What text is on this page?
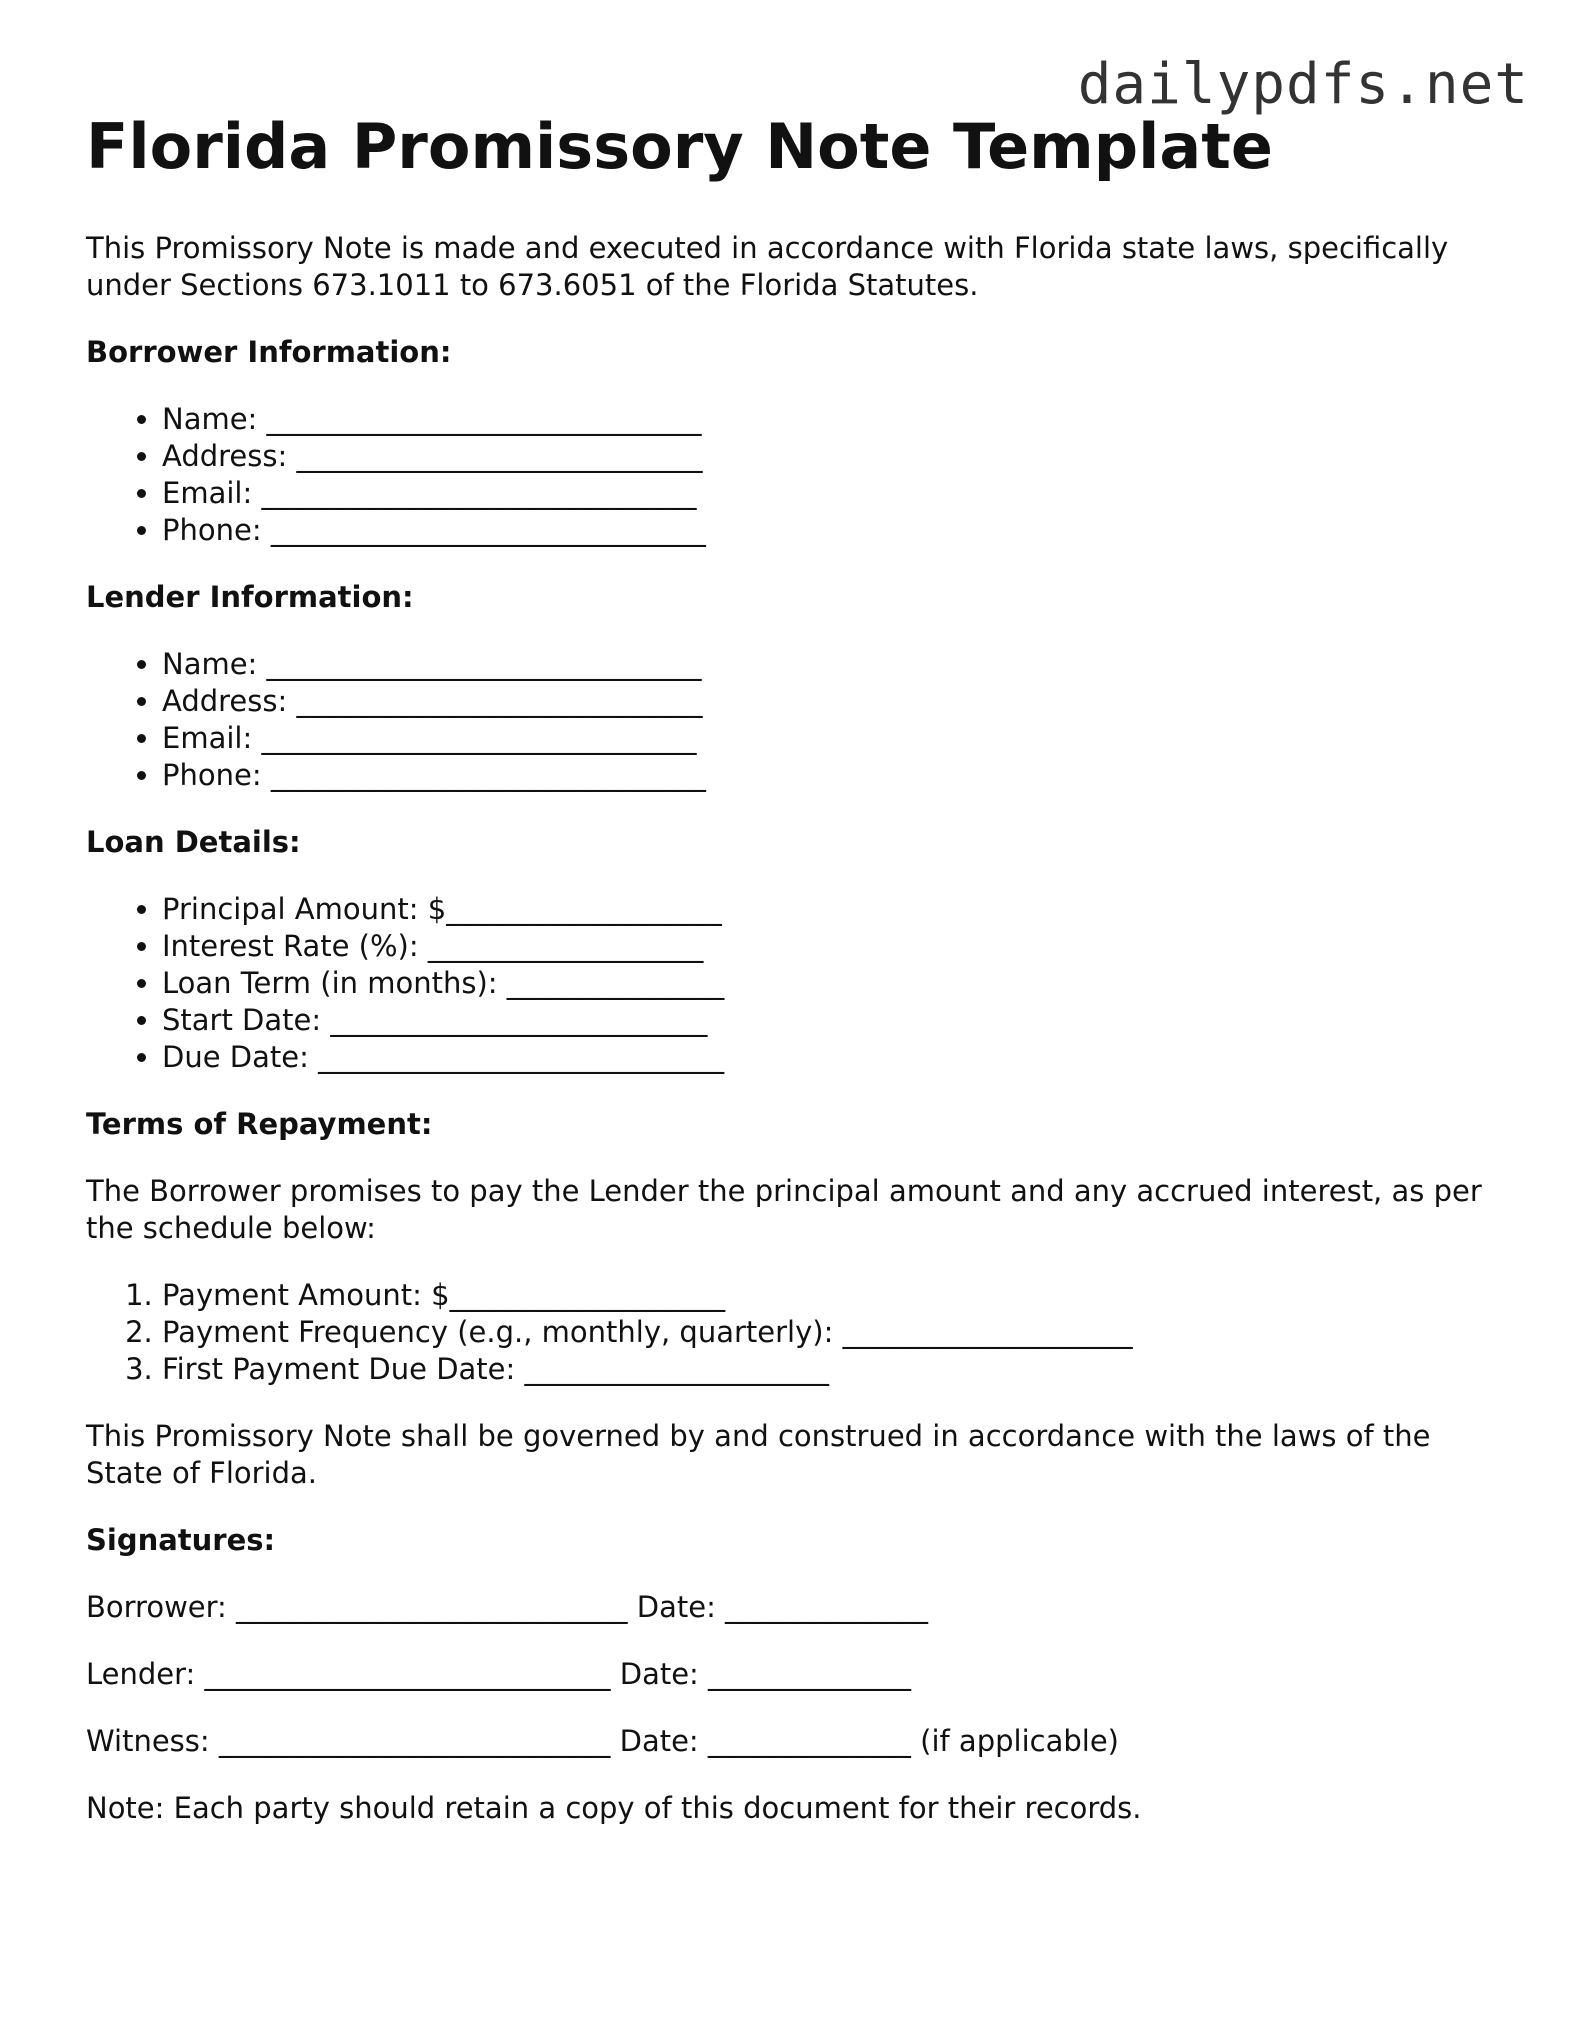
dailypdfs.net
Florida Promissory Note Template

This Promissory Note is made and executed in accordance with Florida state laws, specifically under Sections 673.1011 to 673.6051 of the Florida Statutes.

Borrower Information:
• Name: ______________________________
• Address: ____________________________
• Email: ______________________________
• Phone: ______________________________
Lender Information:
• Name: ______________________________
• Address: ____________________________
• Email: ______________________________
• Phone: ______________________________
Loan Details:
• Principal Amount: $___________________
• Interest Rate (%): ___________________
• Loan Term (in months): _______________
• Start Date: __________________________
• Due Date: ____________________________
Terms of Repayment:

The Borrower promises to pay the Lender the principal amount and any accrued interest, as per the schedule below:

1. Payment Amount: $___________________
2. Payment Frequency (e.g., monthly, quarterly): ____________________
3. First Payment Due Date: _____________________

This Promissory Note shall be governed by and construed in accordance with the laws of the State of Florida.

Signatures:

Borrower: ___________________________ Date: ______________

Lender: ____________________________ Date: ______________

Witness: ___________________________ Date: ______________ (if applicable)

Note: Each party should retain a copy of this document for their records.
